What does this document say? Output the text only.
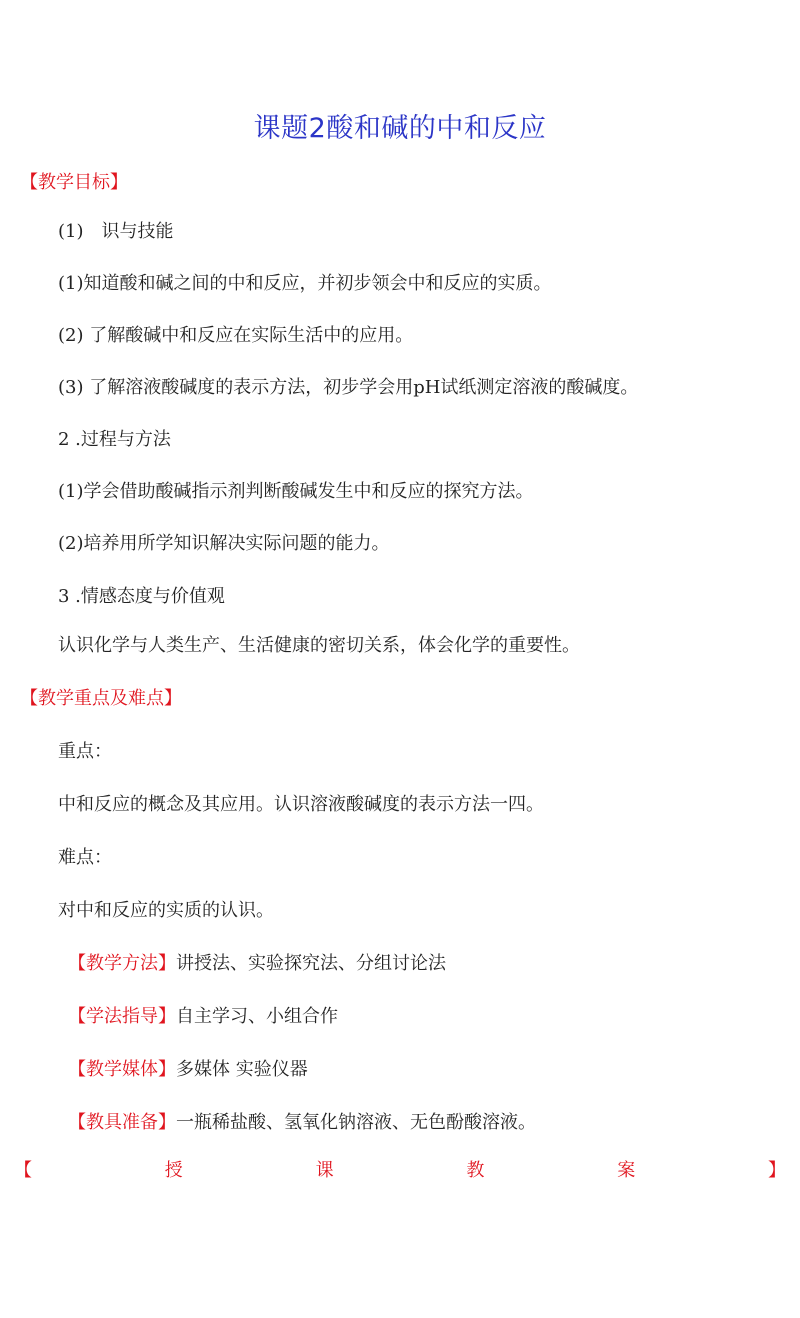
课题2酸和碱的中和反应
【教学目标】
(1)　识与技能
(1)知道酸和碱之间的中和反应，并初步领会中和反应的实质。
(2) 了解酸碱中和反应在实际生活中的应用。
(3) 了解溶液酸碱度的表示方法，初步学会用pH试纸测定溶液的酸碱度。
2 .过程与方法
(1)学会借助酸碱指示剂判断酸碱发生中和反应的探究方法。
(2)培养用所学知识解决实际问题的能力。
3 .情感态度与价值观
认识化学与人类生产、生活健康的密切关系，体会化学的重要性。
【教学重点及难点】
重点：
中和反应的概念及其应用。认识溶液酸碱度的表示方法一四。
难点：
对中和反应的实质的认识。
【教学方法】讲授法、实验探究法、分组讨论法
【学法指导】自主学习、小组合作
【教学媒体】多媒体 实验仪器
【教具准备】一瓶稀盐酸、氢氧化钠溶液、无色酚酸溶液。
【	授	课	教	案	】
